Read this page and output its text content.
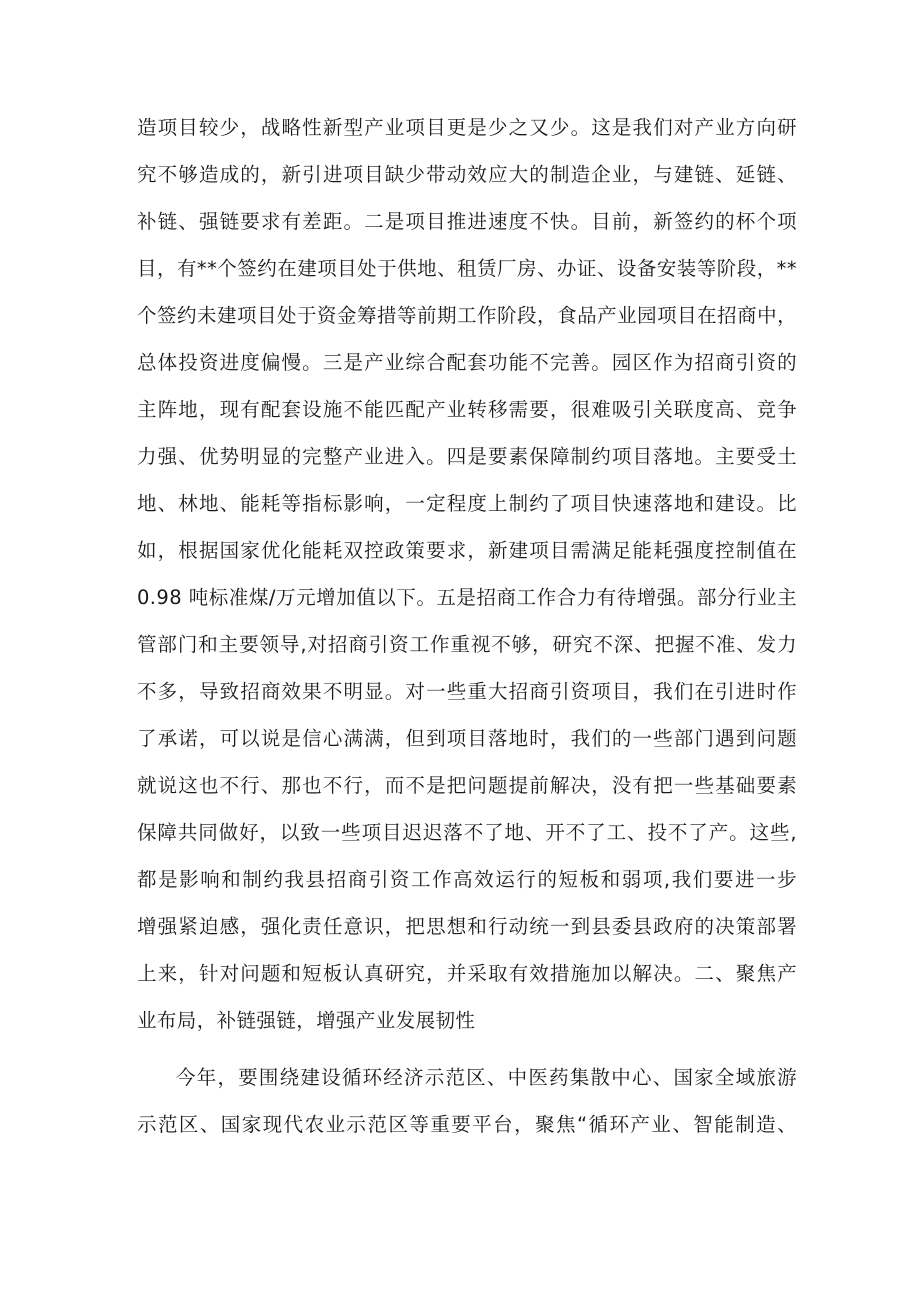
造项目较少，战略性新型产业项目更是少之又少。这是我们对产业方向研
究不够造成的，新引进项目缺少带动效应大的制造企业，与建链、延链、
补链、强链要求有差距。二是项目推进速度不快。目前，新签约的杯个项
目，有**个签约在建项目处于供地、租赁厂房、办证、设备安装等阶段，**
个签约未建项目处于资金筹措等前期工作阶段，食品产业园项目在招商中，
总体投资进度偏慢。三是产业综合配套功能不完善。园区作为招商引资的
主阵地，现有配套设施不能匹配产业转移需要，很难吸引关联度高、竞争
力强、优势明显的完整产业进入。四是要素保障制约项目落地。主要受土
地、林地、能耗等指标影响，一定程度上制约了项目快速落地和建设。比
如，根据国家优化能耗双控政策要求，新建项目需满足能耗强度控制值在
0.98 吨标准煤/万元增加值以下。五是招商工作合力有待增强。部分行业主
管部门和主要领导,对招商引资工作重视不够，研究不深、把握不准、发力
不多，导致招商效果不明显。对一些重大招商引资项目，我们在引进时作
了承诺，可以说是信心满满，但到项目落地时，我们的一些部门遇到问题
就说这也不行、那也不行，而不是把问题提前解决，没有把一些基础要素
保障共同做好，以致一些项目迟迟落不了地、开不了工、投不了产。这些,
都是影响和制约我县招商引资工作高效运行的短板和弱项,我们要进一步
增强紧迫感，强化责任意识，把思想和行动统一到县委县政府的决策部署
上来，针对问题和短板认真研究，并采取有效措施加以解决。二、聚焦产
业布局，补链强链，增强产业发展韧性
今年，要围绕建设循环经济示范区、中医药集散中心、国家全域旅游
示范区、国家现代农业示范区等重要平台，聚焦“循环产业、智能制造、
